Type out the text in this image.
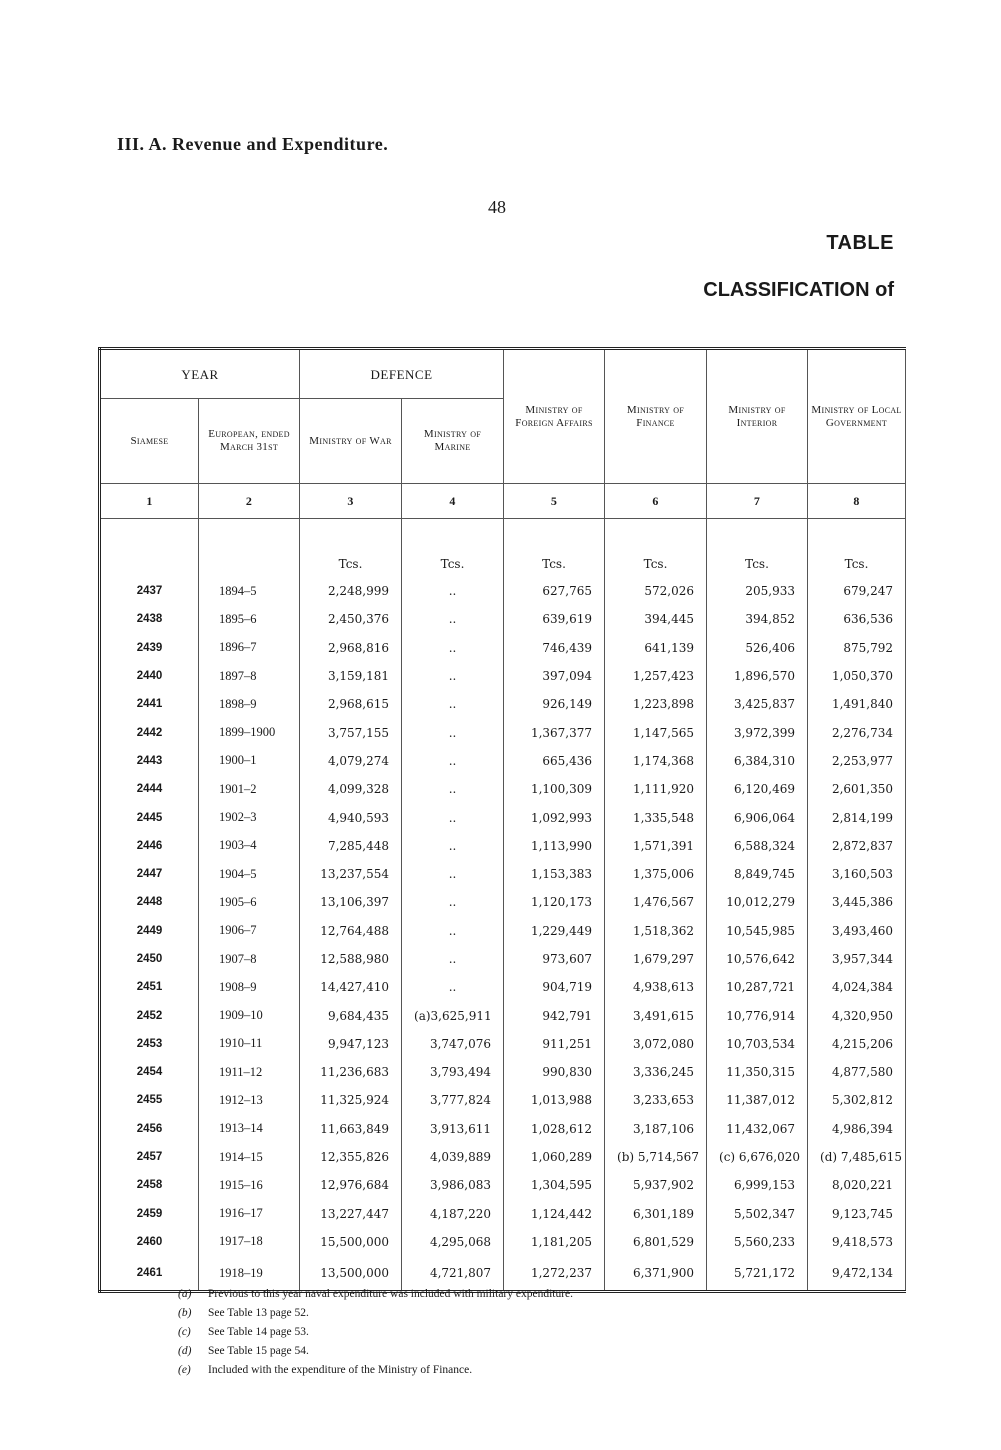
III. A. Revenue and Expenditure.
48
TABLE
CLASSIFICATION of
YEAR		DEFENCE		Ministry of Foreign Affairs	Ministry of Finance	Ministry of Interior	Ministry of Local Government
Siamese	European, ended March 31st	Ministry of War	Ministry of Marine				
1	2	3	4	5	6	7	8
		Tcs.	Tcs.	Tcs.	Tcs.	Tcs.	Tcs.
2437	1894–5	2,248,999	..	627,765	572,026	205,933	679,247
2438	1895–6	2,450,376	..	639,619	394,445	394,852	636,536
2439	1896–7	2,968,816	..	746,439	641,139	526,406	875,792
2440	1897–8	3,159,181	..	397,094	1,257,423	1,896,570	1,050,370
2441	1898–9	2,968,615	..	926,149	1,223,898	3,425,837	1,491,840
2442	1899–1900	3,757,155	..	1,367,377	1,147,565	3,972,399	2,276,734
2443	1900–1	4,079,274	..	665,436	1,174,368	6,384,310	2,253,977
2444	1901–2	4,099,328	..	1,100,309	1,111,920	6,120,469	2,601,350
2445	1902–3	4,940,593	..	1,092,993	1,335,548	6,906,064	2,814,199
2446	1903–4	7,285,448	..	1,113,990	1,571,391	6,588,324	2,872,837
2447	1904–5	13,237,554	..	1,153,383	1,375,006	8,849,745	3,160,503
2448	1905–6	13,106,397	..	1,120,173	1,476,567	10,012,279	3,445,386
2449	1906–7	12,764,488	..	1,229,449	1,518,362	10,545,985	3,493,460
2450	1907–8	12,588,980	..	973,607	1,679,297	10,576,642	3,957,344
2451	1908–9	14,427,410	..	904,719	4,938,613	10,287,721	4,024,384
2452	1909–10	9,684,435	(a)3,625,911	942,791	3,491,615	10,776,914	4,320,950
2453	1910–11	9,947,123	3,747,076	911,251	3,072,080	10,703,534	4,215,206
2454	1911–12	11,236,683	3,793,494	990,830	3,336,245	11,350,315	4,877,580
2455	1912–13	11,325,924	3,777,824	1,013,988	3,233,653	11,387,012	5,302,812
2456	1913–14	11,663,849	3,913,611	1,028,612	3,187,106	11,432,067	4,986,394
2457	1914–15	12,355,826	4,039,889	1,060,289	(b) 5,714,567	(c) 6,676,020	(d) 7,485,615
2458	1915–16	12,976,684	3,986,083	1,304,595	5,937,902	6,999,153	8,020,221
2459	1916–17	13,227,447	4,187,220	1,124,442	6,301,189	5,502,347	9,123,745
2460	1917–18	15,500,000	4,295,068	1,181,205	6,801,529	5,560,233	9,418,573
2461	1918–19	13,500,000	4,721,807	1,272,237	6,371,900	5,721,172	9,472,134
(a) Previous to this year naval expenditure was included with military expenditure.
(b) See Table 13 page 52.
(c) See Table 14 page 53.
(d) See Table 15 page 54.
(e) Included with the expenditure of the Ministry of Finance.
